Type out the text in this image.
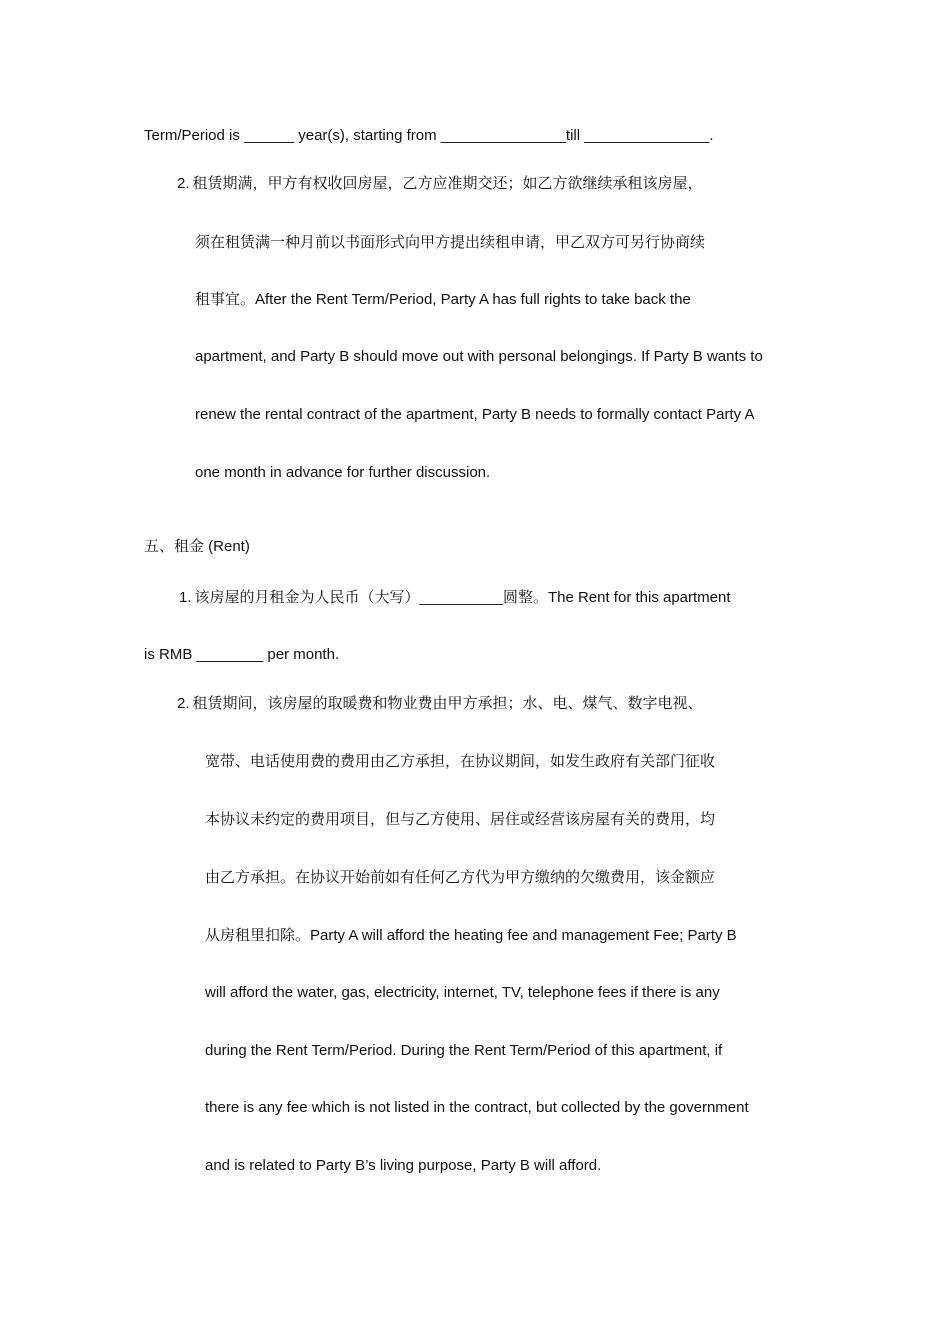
Term/Period is ______ year(s), starting from _______________till _______________.
2. 租赁期满，甲方有权收回房屋，乙方应准期交还；如乙方欲继续承租该房屋，
须在租赁满一种月前以书面形式向甲方提出续租申请，甲乙双方可另行协商续
租事宜。After the Rent Term/Period, Party A has full rights to take back the
apartment, and Party B should move out with personal belongings. If Party B wants to
renew the rental contract of the apartment, Party B needs to formally contact Party A
one month in advance for further discussion.
五、租金 (Rent)
1. 该房屋的月租金为人民币（大写）__________圆整。The Rent for this apartment
is RMB ________ per month.
2. 租赁期间，该房屋的取暖费和物业费由甲方承担；水、电、煤气、数字电视、
宽带、电话使用费的费用由乙方承担，在协议期间，如发生政府有关部门征收
本协议未约定的费用项目，但与乙方使用、居住或经营该房屋有关的费用，均
由乙方承担。在协议开始前如有任何乙方代为甲方缴纳的欠缴费用，该金额应
从房租里扣除。Party A will afford the heating fee and management Fee; Party B
will afford the water, gas, electricity, internet, TV, telephone fees if there is any
during the Rent Term/Period. During the Rent Term/Period of this apartment, if
there is any fee which is not listed in the contract, but collected by the government
and is related to Party B’s living purpose, Party B will afford.
